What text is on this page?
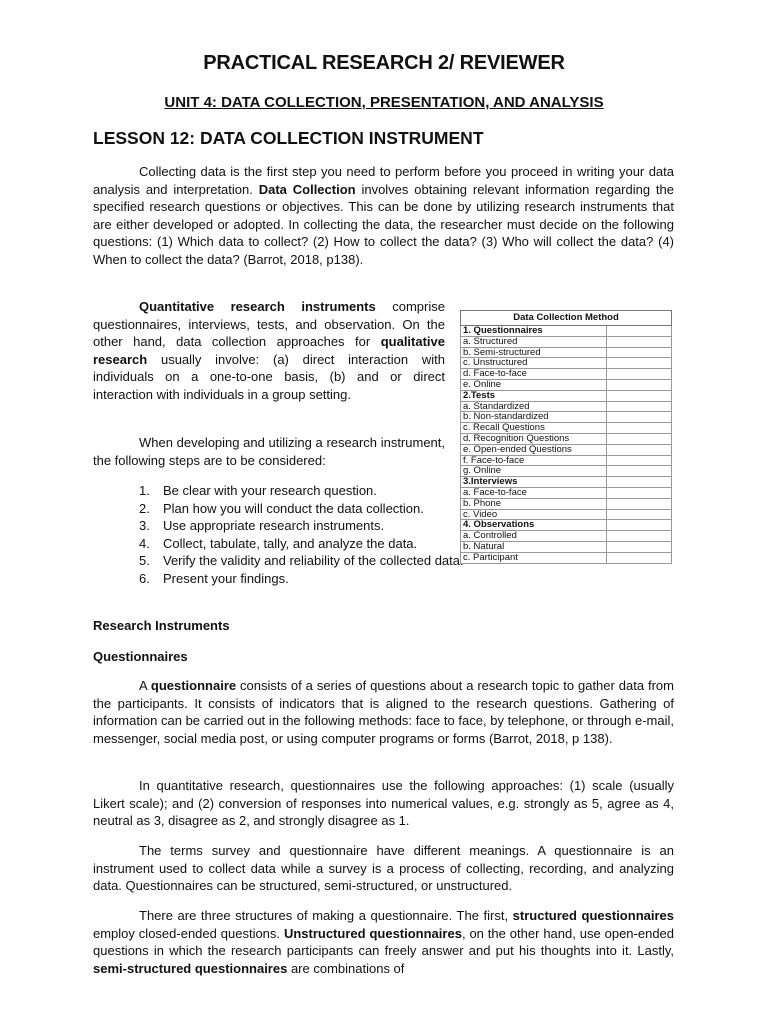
PRACTICAL RESEARCH 2/ REVIEWER
UNIT 4: DATA COLLECTION, PRESENTATION, AND ANALYSIS
LESSON 12: DATA COLLECTION INSTRUMENT

Collecting data is the first step you need to perform before you proceed in writing your data analysis and interpretation. Data Collection involves obtaining relevant information regarding the specified research questions or objectives. This can be done by utilizing research instruments that are either developed or adopted. In collecting the data, the researcher must decide on the following questions: (1) Which data to collect? (2) How to collect the data? (3) Who will collect the data? (4) When to collect the data? (Barrot, 2018, p138).

Quantitative research instruments comprise questionnaires, interviews, tests, and observation. On the other hand, data collection approaches for qualitative research usually involve: (a) direct interaction with individuals on a one-to-one basis, (b) and or direct interaction with individuals in a group setting.

When developing and utilizing a research instrument, the following steps are to be considered:

1. Be clear with your research question.
2. Plan how you will conduct the data collection.
3. Use appropriate research instruments.
4. Collect, tabulate, tally, and analyze the data.
5. Verify the validity and reliability of the collected data.
6. Present your findings.
Data Collection Method	
1. Questionnaires	
a. Structured	
b. Semi-structured	
c. Unstructured	
d. Face-to-face	
e. Online	
2.Tests	
a. Standardized	
b. Non-standardized	
c. Recall Questions	
d. Recognition Questions	
e. Open-ended Questions	
f. Face-to-face	
g. Online	
3.Interviews	
a. Face-to-face	
b. Phone	
c. Video	
4. Observations	
a. Controlled	
b. Natural	
c. Participant	
Research Instruments
Questionnaires

A questionnaire consists of a series of questions about a research topic to gather data from the participants. It consists of indicators that is aligned to the research questions. Gathering of information can be carried out in the following methods: face to face, by telephone, or through e-mail, messenger, social media post, or using computer programs or forms (Barrot, 2018, p 138).

In quantitative research, questionnaires use the following approaches: (1) scale (usually Likert scale); and (2) conversion of responses into numerical values, e.g. strongly as 5, agree as 4, neutral as 3, disagree as 2, and strongly disagree as 1.

The terms survey and questionnaire have different meanings. A questionnaire is an instrument used to collect data while a survey is a process of collecting, recording, and analyzing data. Questionnaires can be structured, semi-structured, or unstructured.

There are three structures of making a questionnaire. The first, structured questionnaires employ closed-ended questions. Unstructured questionnaires, on the other hand, use open-ended questions in which the research participants can freely answer and put his thoughts into it. Lastly, semi-structured questionnaires are combinations of
